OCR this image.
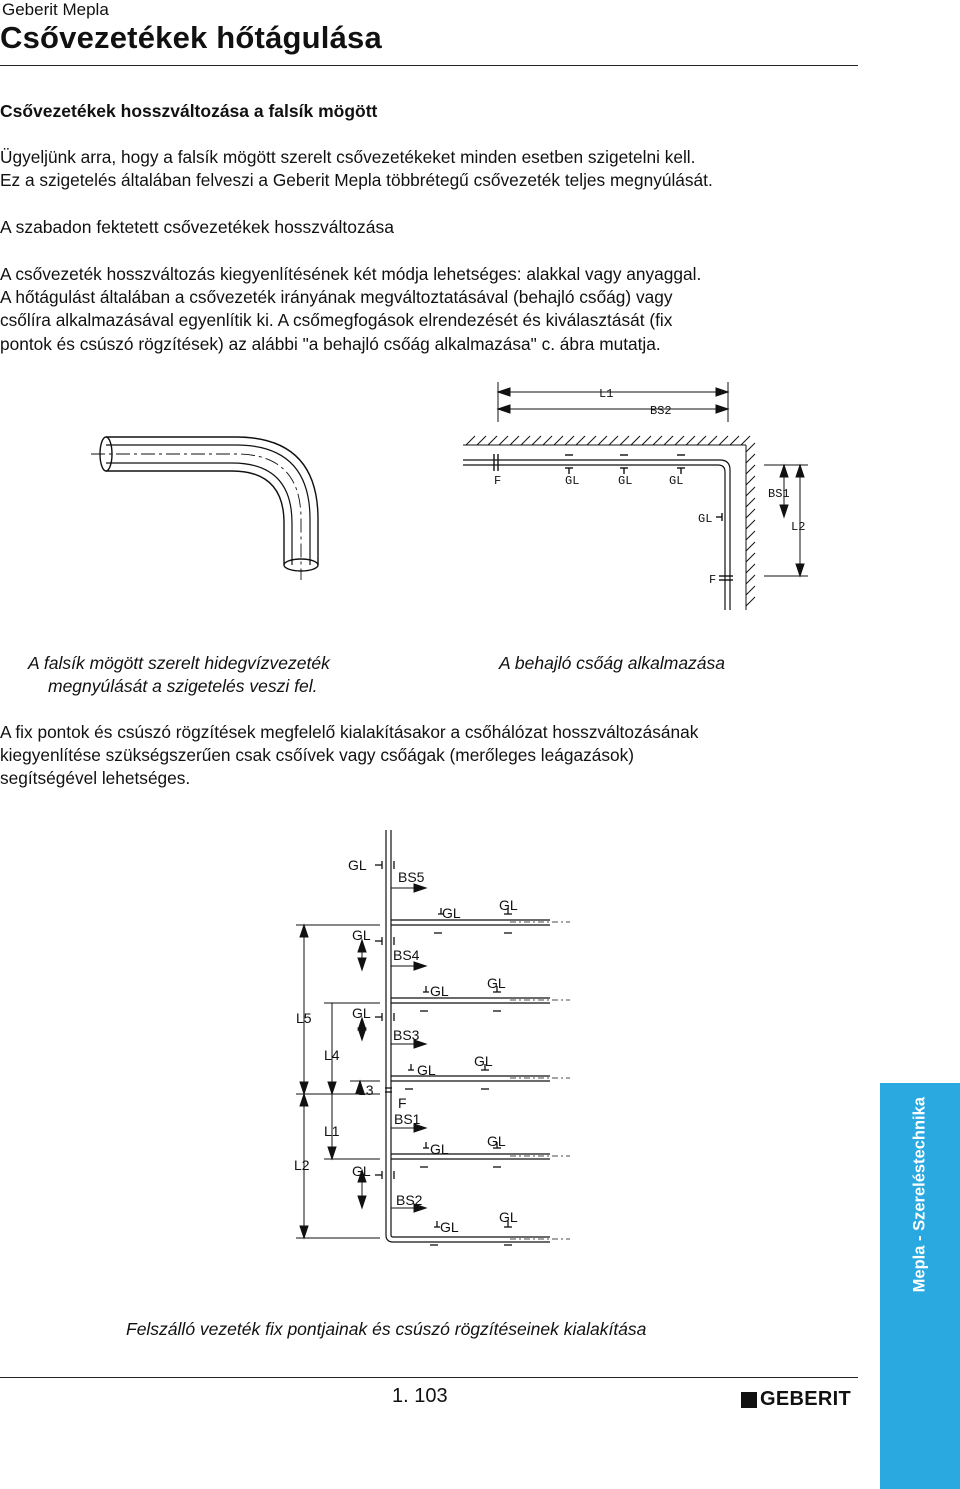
Geberit Mepla
Csővezetékek hőtágulása
Csővezetékek hosszváltozása a falsík mögött
Ügyeljünk arra, hogy a falsík mögött szerelt csővezetékeket minden esetben szigetelni kell.
Ez a szigetelés általában felveszi a Geberit Mepla többrétegű csővezeték teljes megnyúlását.
A szabadon fektetett csővezetékek hosszváltozása
A csővezeték hosszváltozás kiegyenlítésének két módja lehetséges: alakkal vagy anyaggal.
A hőtágulást általában a csővezeték irányának megváltoztatásával (behajló csőág) vagy
csőlíra alkalmazásával egyenlítik ki. A csőmegfogások elrendezését és kiválasztását (fix
pontok és csúszó rögzítések) az alábbi "a behajló csőág alkalmazása" c. ábra mutatja.
A falsík mögött szerelt hidegvízvezeték
megnyúlását a szigetelés veszi fel.
L1
BS2
F	GL	GL	GL
GL
F
BS1
L2
A behajló csőág alkalmazása
A fix pontok és csúszó rögzítések megfelelő kialakításakor a csőhálózat hosszváltozásának
kiegyenlítése szükségszerűen csak csőívek vagy csőágak (merőleges leágazások)
segítségével lehetséges.
GL
BS5
GL	GL
GL
BS4
GL	GL
GL
L5
BS3
L4
GL
GL
L3
F
BS1
L1
GL	GL
L2	GL
BS2
GL
GL
Felszálló vezeték fix pontjainak és csúszó rögzítéseinek kialakítása
1. 103	GEBERIT
Mepla - Szereléstechnika
